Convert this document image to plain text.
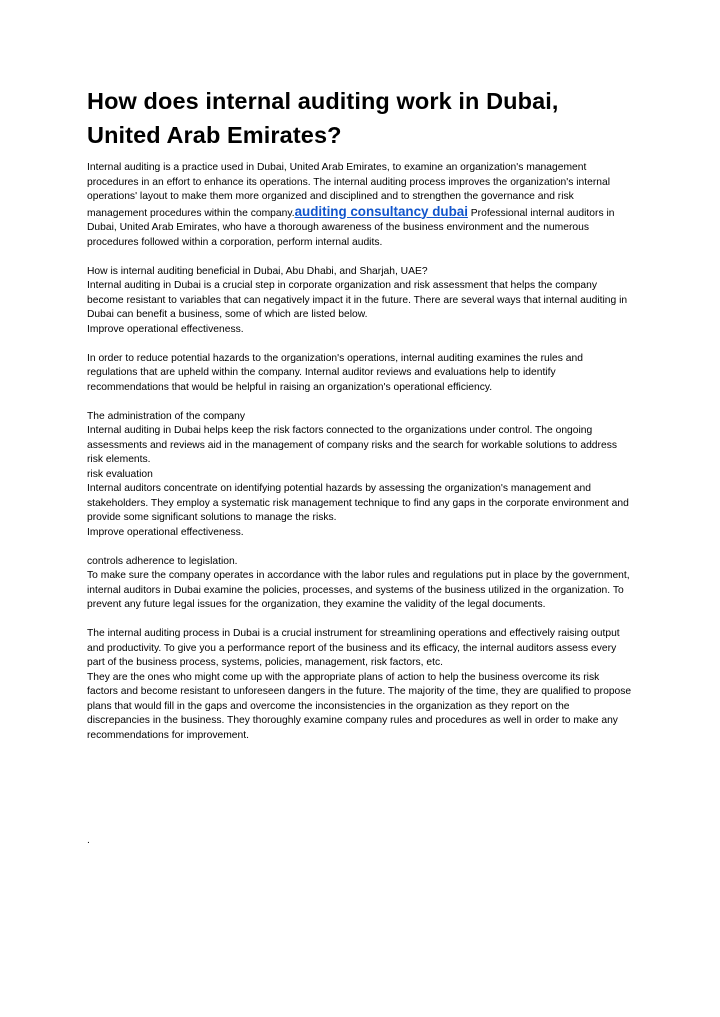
How does internal auditing work in Dubai, United Arab Emirates?

Internal auditing is a practice used in Dubai, United Arab Emirates, to examine an organization's management procedures in an effort to enhance its operations. The internal auditing process improves the organization's internal operations' layout to make them more organized and disciplined and to strengthen the governance and risk management procedures within the company.auditing consultancy dubai Professional internal auditors in Dubai, United Arab Emirates, who have a thorough awareness of the business environment and the numerous procedures followed within a corporation, perform internal audits.

How is internal auditing beneficial in Dubai, Abu Dhabi, and Sharjah, UAE?

Internal auditing in Dubai is a crucial step in corporate organization and risk assessment that helps the company become resistant to variables that can negatively impact it in the future. There are several ways that internal auditing in Dubai can benefit a business, some of which are listed below.

Improve operational effectiveness.

In order to reduce potential hazards to the organization's operations, internal auditing examines the rules and regulations that are upheld within the company. Internal auditor reviews and evaluations help to identify recommendations that would be helpful in raising an organization's operational efficiency.

The administration of the company

Internal auditing in Dubai helps keep the risk factors connected to the organizations under control. The ongoing assessments and reviews aid in the management of company risks and the search for workable solutions to address risk elements.

risk evaluation

Internal auditors concentrate on identifying potential hazards by assessing the organization's management and stakeholders. They employ a systematic risk management technique to find any gaps in the corporate environment and provide some significant solutions to manage the risks.

Improve operational effectiveness.

controls adherence to legislation.

To make sure the company operates in accordance with the labor rules and regulations put in place by the government, internal auditors in Dubai examine the policies, processes, and systems of the business utilized in the organization. To prevent any future legal issues for the organization, they examine the validity of the legal documents.

The internal auditing process in Dubai is a crucial instrument for streamlining operations and effectively raising output and productivity. To give you a performance report of the business and its efficacy, the internal auditors assess every part of the business process, systems, policies, management, risk factors, etc.

They are the ones who might come up with the appropriate plans of action to help the business overcome its risk factors and become resistant to unforeseen dangers in the future. The majority of the time, they are qualified to propose plans that would fill in the gaps and overcome the inconsistencies in the organization as they report on the discrepancies in the business. They thoroughly examine company rules and procedures as well in order to make any recommendations for improvement.

.
